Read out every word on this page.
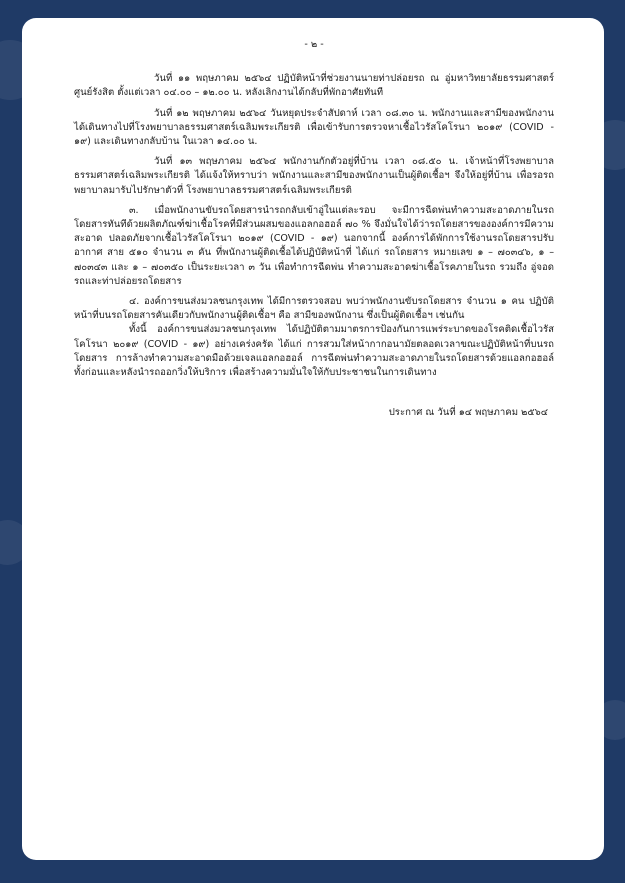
- ๒ -

วันที่ ๑๑ พฤษภาคม ๒๕๖๔ ปฏิบัติหน้าที่ช่วยงานนายท่าปล่อยรถ ณ อู่มหาวิทยาลัยธรรมศาสตร์ ศูนย์รังสิต ตั้งแต่เวลา ๐๔.๐๐ – ๑๒.๐๐ น. หลังเลิกงานได้กลับที่พักอาศัยทันที

วันที่ ๑๒ พฤษภาคม ๒๕๖๔ วันหยุดประจำสัปดาห์ เวลา ๐๘.๓๐ น. พนักงานและสามีของพนักงาน ได้เดินทางไปที่โรงพยาบาลธรรมศาสตร์เฉลิมพระเกียรติ เพื่อเข้ารับการตรวจหาเชื้อไวรัสโคโรนา ๒๐๑๙ (COVID - ๑๙) และเดินทางกลับบ้าน ในเวลา ๑๔.๐๐ น.

วันที่ ๑๓ พฤษภาคม ๒๕๖๔ พนักงานกักตัวอยู่ที่บ้าน เวลา ๐๘.๕๐ น. เจ้าหน้าที่โรงพยาบาลธรรมศาสตร์เฉลิมพระเกียรติ ได้แจ้งให้ทราบว่า พนักงานและสามีของพนักงานเป็นผู้ติดเชื้อฯ จึงให้อยู่ที่บ้าน เพื่อรอรถพยาบาลมารับไปรักษาตัวที่ โรงพยาบาลธรรมศาสตร์เฉลิมพระเกียรติ

๓. เมื่อพนักงานขับรถโดยสารนำรถกลับเข้าอู่ในแต่ละรอบ จะมีการฉีดพ่นทำความสะอาดภายในรถโดยสารทันทีด้วยผลิตภัณฑ์ฆ่าเชื้อโรคที่มีส่วนผสมของแอลกอฮอล์ ๗๐ % จึงมั่นใจได้ว่ารถโดยสารขององค์การมีความสะอาด ปลอดภัยจากเชื้อไวรัสโคโรนา ๒๐๑๙ (COVID - ๑๙) นอกจากนี้ องค์การได้พักการใช้งานรถโดยสารปรับอากาศ สาย ๕๑๐ จำนวน ๓ คัน ที่พนักงานผู้ติดเชื้อได้ปฏิบัติหน้าที่ ได้แก่ รถโดยสาร หมายเลข ๑ – ๗๐๓๔๖, ๑ – ๗๐๓๔๓ และ ๑ – ๗๐๓๕๐ เป็นระยะเวลา ๓ วัน เพื่อทำการฉีดพ่น ทำความสะอาดฆ่าเชื้อโรคภายในรถ รวมถึง อู่จอดรถและท่าปล่อยรถโดยสาร

๔. องค์การขนส่งมวลชนกรุงเทพ ได้มีการตรวจสอบ พบว่าพนักงานขับรถโดยสาร จำนวน ๑ คน ปฏิบัติหน้าที่บนรถโดยสารคันเดียวกับพนักงานผู้ติดเชื้อฯ คือ สามีของพนักงาน ซึ่งเป็นผู้ติดเชื้อฯ เช่นกัน

ทั้งนี้ องค์การขนส่งมวลชนกรุงเทพ ได้ปฏิบัติตามมาตรการป้องกันการแพร่ระบาดของโรคติดเชื้อไวรัสโคโรนา ๒๐๑๙ (COVID - ๑๙) อย่างเคร่งครัด ได้แก่ การสวมใส่หน้ากากอนามัยตลอดเวลาขณะปฏิบัติหน้าที่บนรถโดยสาร การล้างทำความสะอาดมือด้วยเจลแอลกอฮอล์ การฉีดพ่นทำความสะอาดภายในรถโดยสารด้วยแอลกอฮอล์ ทั้งก่อนและหลังนำรถออกวิ่งให้บริการ เพื่อสร้างความมั่นใจให้กับประชาชนในการเดินทาง

ประกาศ ณ วันที่ ๑๔ พฤษภาคม ๒๕๖๔
